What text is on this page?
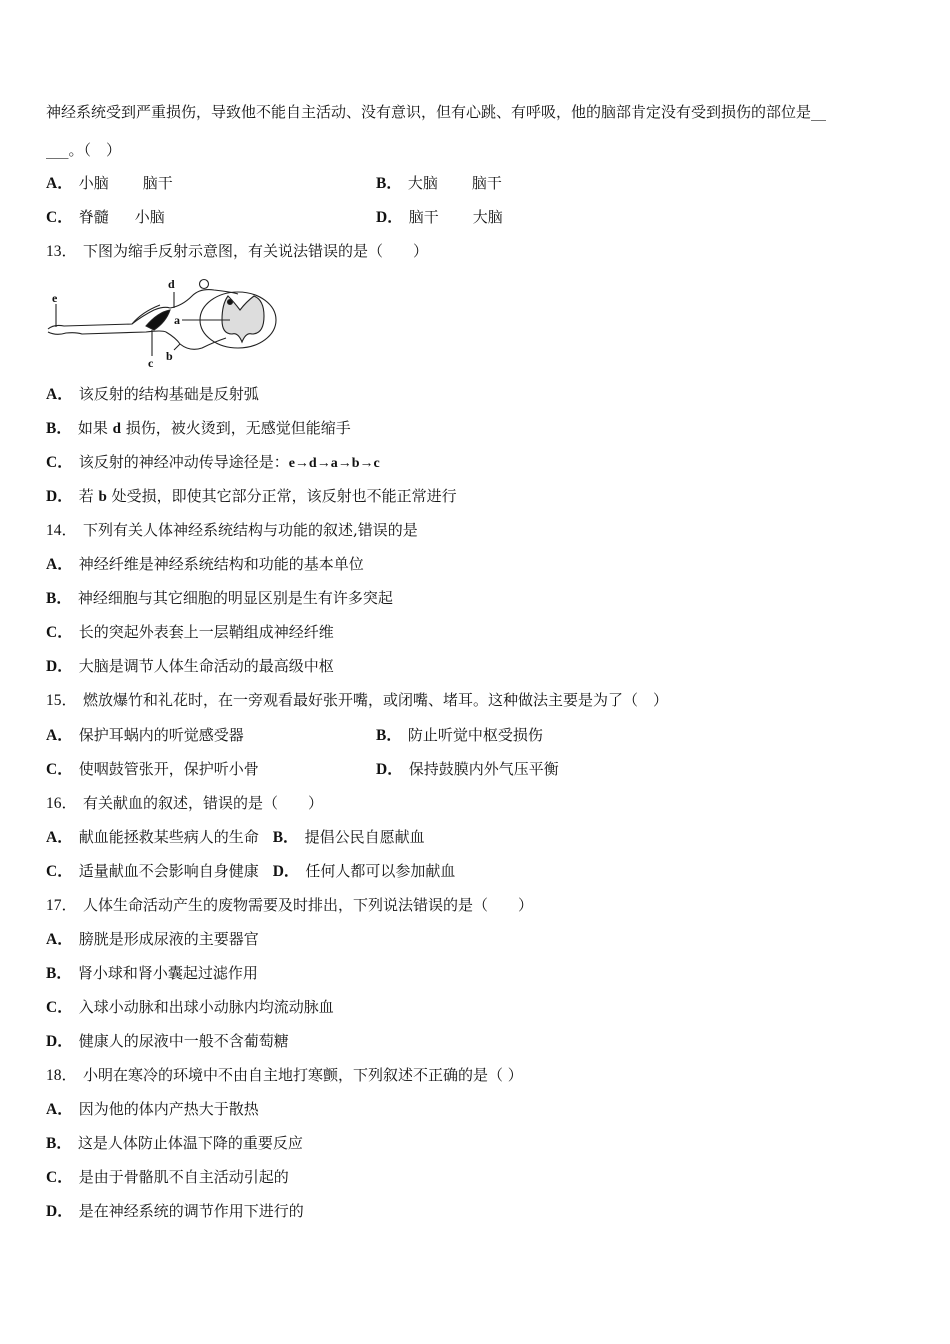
神经系统受到严重损伤，导致他不能自主活动、没有意识，但有心跳、有呼吸，他的脑部肯定没有受到损伤的部位是__
___。（　）
A． 小脑 脑干	B． 大脑 脑干
C． 脊髓 小脑	D． 脑干 大脑
13． 下图为缩手反射示意图，有关说法错误的是（　　）
e
c
d
a
b
A． 该反射的结构基础是反射弧
B． 如果 d 损伤，被火烫到，无感觉但能缩手
C． 该反射的神经冲动传导途径是：e→d→a→b→c
D． 若 b 处受损，即使其它部分正常，该反射也不能正常进行
14． 下列有关人体神经系统结构与功能的叙述,错误的是
A． 神经纤维是神经系统结构和功能的基本单位
B． 神经细胞与其它细胞的明显区别是生有许多突起
C． 长的突起外表套上一层鞘组成神经纤维
D． 大脑是调节人体生命活动的最高级中枢
15． 燃放爆竹和礼花时，在一旁观看最好张开嘴，或闭嘴、堵耳。这种做法主要是为了（　）
A． 保护耳蜗内的听觉感受器	B． 防止听觉中枢受损伤
C． 使咽鼓管张开，保护听小骨	D． 保持鼓膜内外气压平衡
16． 有关献血的叙述，错误的是（　　）
A． 献血能拯救某些病人的生命 B． 提倡公民自愿献血
C． 适量献血不会影响自身健康 D． 任何人都可以参加献血
17． 人体生命活动产生的废物需要及时排出，下列说法错误的是（　　）
A． 膀胱是形成尿液的主要器官
B． 肾小球和肾小囊起过滤作用
C． 入球小动脉和出球小动脉内均流动脉血
D． 健康人的尿液中一般不含葡萄糖
18． 小明在寒冷的环境中不由自主地打寒颤，下列叙述不正确的是（ ）
A． 因为他的体内产热大于散热
B． 这是人体防止体温下降的重要反应
C． 是由于骨骼肌不自主活动引起的
D． 是在神经系统的调节作用下进行的
